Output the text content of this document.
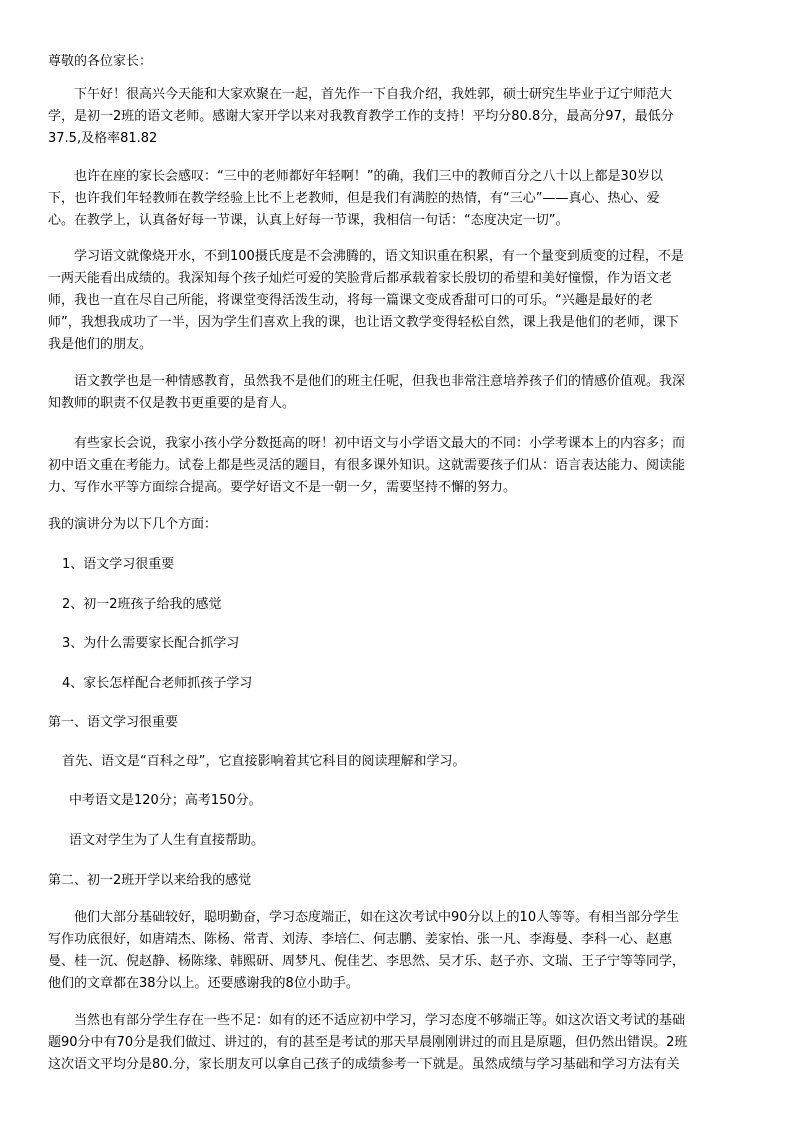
尊敬的各位家长：

　　下午好！很高兴今天能和大家欢聚在一起，首先作一下自我介绍，我姓郭，硕士研究生毕业于辽宁师范大
学，是初一2班的语文老师。感谢大家开学以来对我教育教学工作的支持！平均分80.8分，最高分97，最低分
37.5,及格率81.82
　　也许在座的家长会感叹：“三中的老师都好年轻啊！”的确，我们三中的教师百分之八十以上都是30岁以
下，也许我们年轻教师在教学经验上比不上老教师，但是我们有满腔的热情，有“三心”——真心、热心、爱
心。在教学上，认真备好每一节课，认真上好每一节课，我相信一句话：“态度决定一切”。
　　学习语文就像烧开水，不到100摄氏度是不会沸腾的，语文知识重在积累，有一个量变到质变的过程，不是
一两天能看出成绩的。我深知每个孩子灿烂可爱的笑脸背后都承载着家长殷切的希望和美好憧憬，作为语文老
师，我也一直在尽自己所能，将课堂变得活泼生动，将每一篇课文变成香甜可口的可乐。“兴趣是最好的老
师”，我想我成功了一半，因为学生们喜欢上我的课，也让语文教学变得轻松自然，课上我是他们的老师，课下
我是他们的朋友。
　　语文教学也是一种情感教育，虽然我不是他们的班主任呢，但我也非常注意培养孩子们的情感价值观。我深
知教师的职责不仅是教书更重要的是育人。
　　有些家长会说，我家小孩小学分数挺高的呀！初中语文与小学语文最大的不同：小学考课本上的内容多；而
初中语文重在考能力。试卷上都是些灵活的题目，有很多课外知识。这就需要孩子们从：语言表达能力、阅读能
力、写作水平等方面综合提高。要学好语文不是一朝一夕，需要坚持不懈的努力。

我的演讲分为以下几个方面：

1、语文学习很重要
2、初一2班孩子给我的感觉
3、为什么需要家长配合抓学习
4、家长怎样配合老师抓孩子学习

第一、语文学习很重要

首先、语文是“百科之母”，它直接影响着其它科目的阅读理解和学习。

中考语文是120分；高考150分。

语文对学生为了人生有直接帮助。

第二、初一2班开学以来给我的感觉

　　他们大部分基础较好，聪明勤奋，学习态度端正，如在这次考试中90分以上的10人等等。有相当部分学生
写作功底很好，如唐靖杰、陈杨、常青、刘涛、李培仁、何志鹏、姜家怡、张一凡、李海曼、李科一心、赵惠
曼、桂一沉、倪赵静、杨陈缘、韩熙研、周梦凡、倪佳艺、李思然、吴才乐、赵子亦、文瑞、王子宁等等同学，
他们的文章都在38分以上。还要感谢我的8位小助手。
　　当然也有部分学生存在一些不足：如有的还不适应初中学习，学习态度不够端正等。如这次语文考试的基础
题90分中有70分是我们做过、讲过的，有的甚至是考试的那天早晨刚刚讲过的而且是原题，但仍然出错误。2班
这次语文平均分是80.分，家长朋友可以拿自己孩子的成绩参考一下就是。虽然成绩与学习基础和学习方法有关
